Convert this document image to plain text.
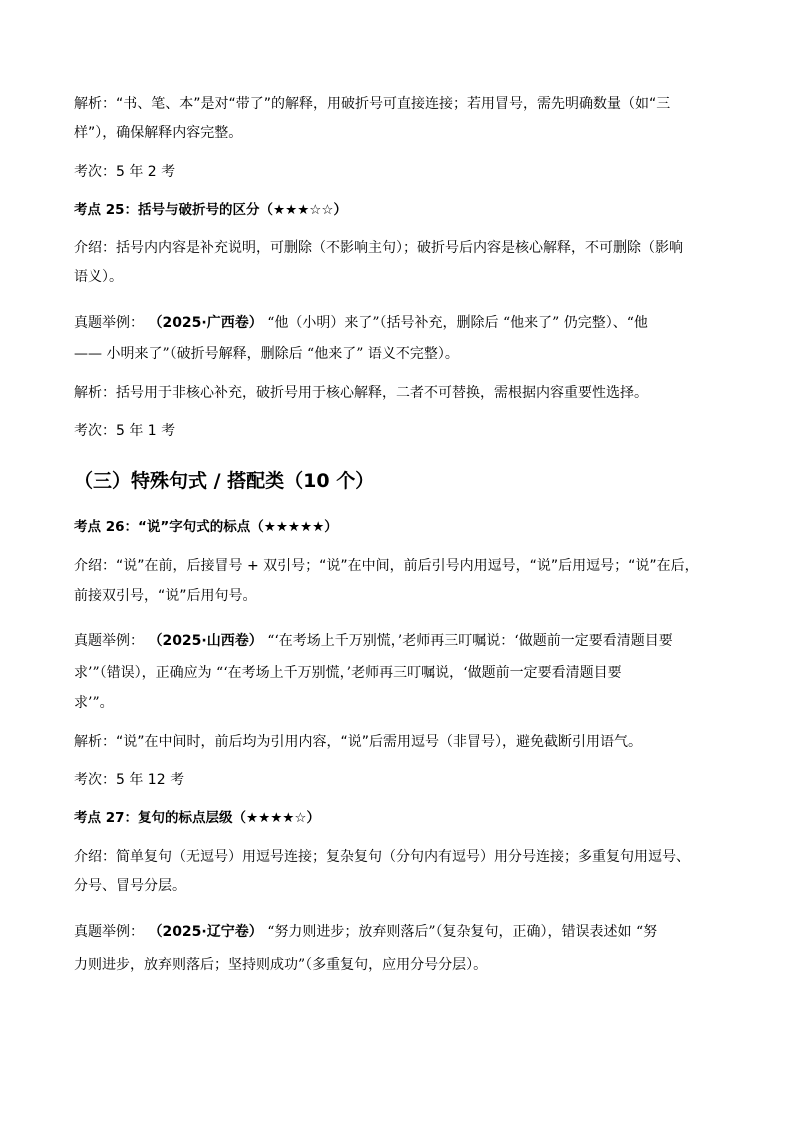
解析：“书、笔、本”是对“带了”的解释，用破折号可直接连接；若用冒号，需先明确数量（如“三
样”），确保解释内容完整。
考次：5 年 2 考
考点 25：括号与破折号的区分（★★★☆☆）
介绍：括号内内容是补充说明，可删除（不影响主句）；破折号后内容是核心解释，不可删除（影响
语义）。
真题举例： （2025·广西卷） “他（小明）来了”（括号补充，删除后 “他来了” 仍完整）、“他
—— 小明来了”（破折号解释，删除后 “他来了” 语义不完整）。
解析：括号用于非核心补充，破折号用于核心解释，二者不可替换，需根据内容重要性选择。
考次：5 年 1 考
（三）特殊句式 / 搭配类（10 个）
考点 26：“说”字句式的标点（★★★★★）
介绍：“说”在前，后接冒号 + 双引号；“说”在中间，前后引号内用逗号，“说”后用逗号；“说”在后，
前接双引号，“说”后用句号。
真题举例： （2025·山西卷） “‘在考场上千万别慌，’老师再三叮嘱说：‘做题前一定要看清题目要
求’”（错误），正确应为 “‘在考场上千万别慌，’老师再三叮嘱说，‘做题前一定要看清题目要
求’”。
解析：“说”在中间时，前后均为引用内容，“说”后需用逗号（非冒号），避免截断引用语气。
考次：5 年 12 考
考点 27：复句的标点层级（★★★★☆）
介绍：简单复句（无逗号）用逗号连接；复杂复句（分句内有逗号）用分号连接；多重复句用逗号、
分号、冒号分层。
真题举例： （2025·辽宁卷） “努力则进步；放弃则落后”（复杂复句，正确），错误表述如 “努
力则进步，放弃则落后；坚持则成功”（多重复句，应用分号分层）。
